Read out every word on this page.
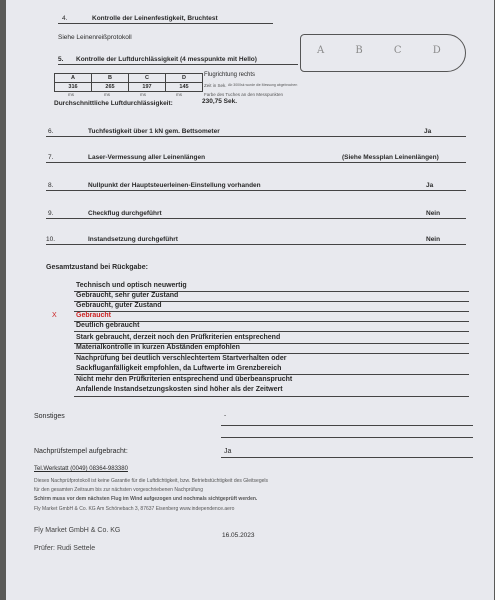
4.	Kontrolle der Leinenfestigkeit, Bruchtest
Siehe Leinenreißprotokoll
5. Kontrolle der Luftdurchlässigkeit (4 messpunkte mit Hello)
A B C D
A	B	C	D
316	265	197	145
Flugrichtung rechts
Zeit in Sek. Ab 3000sk wurde die Messung abgebrochen
ms	ms	ms	ms	Farbe des Tuches an den Messpunkten
Durchschnittliche Luftdurchlässigkeit:	230,75 Sek.
6.	Tuchfestigkeit über 1 kN gem. Bettsometer	Ja
7.	Laser-Vermessung aller Leinenlängen	(Siehe Messplan Leinenlängen)
8.	Nullpunkt der Hauptsteuerleinen-Einstellung vorhanden	Ja
9.	Checkflug durchgeführt	Nein
10.	Instandsetzung durchgeführt	Nein
Gesamtzustand bei Rückgabe:
Technisch und optisch neuwertig
Gebraucht, sehr guter Zustand
Gebraucht, guter Zustand
X	Gebraucht
Deutlich gebraucht
Stark gebraucht, derzeit noch den Prüfkriterien entsprechend
Materialkontrolle in kurzen Abständen empfohlen
Nachprüfung bei deutlich verschlechtertem Startverhalten oder
Sackfluganfälligkeit empfohlen, da Luftwerte im Grenzbereich
Nicht mehr den Prüfkriterien entsprechend und überbeansprucht
Anfallende Instandsetzungskosten sind höher als der Zeitwert
Sonstiges	-
Nachprüfstempel aufgebracht:	Ja
Tel.Werkstatt (0049) 08364-983380
Dieses Nachprüfprotokoll ist keine Garantie für die Luftdichtigkeit, bzw. Betriebstüchtigkeit des Gleitsegels
für den gesamten Zeitraum bis zur nächsten vorgeschriebenen Nachprüfung
Schirm muss vor dem nächsten Flug im Wind aufgezogen und nochmals sichtgeprüft werden.
Fly Market GmbH & Co. KG Am Schönebach 3, 87637 Eisenberg www.independence.aero
Fly Market GmbH & Co. KG
16.05.2023
Prüfer: Rudi Settele
